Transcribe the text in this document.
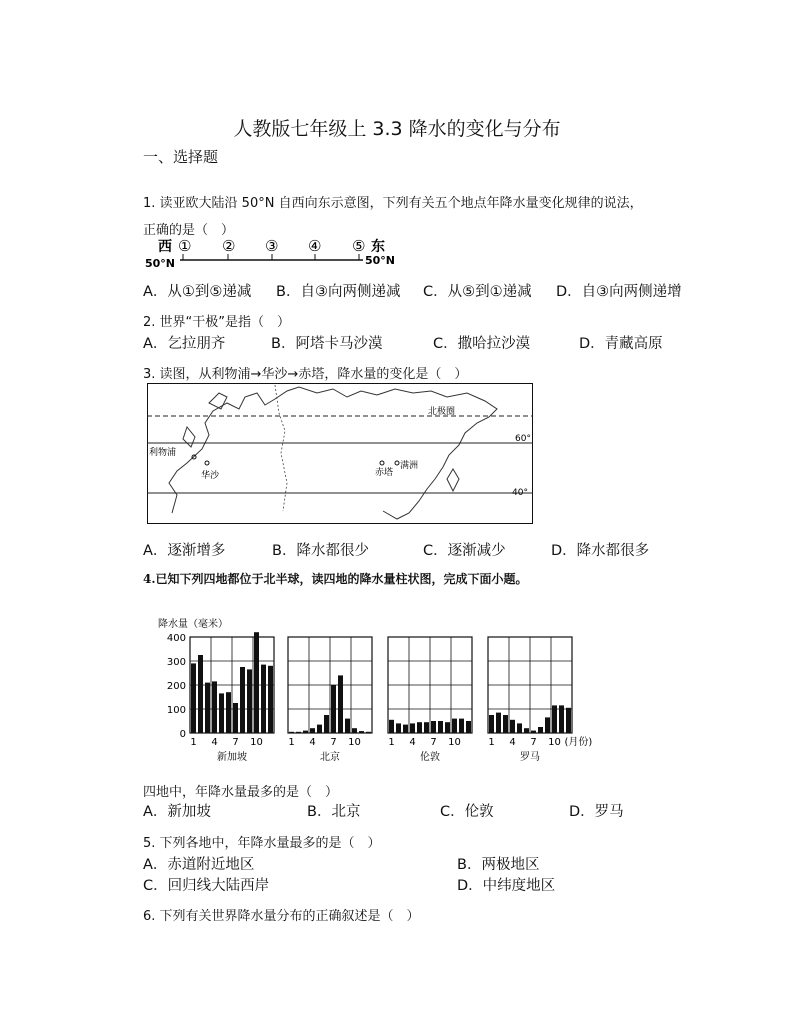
人教版七年级上 3.3 降水的变化与分布
一、选择题
1. 读亚欧大陆沿 50°N 自西向东示意图，下列有关五个地点年降水量变化规律的说法，
正确的是（　）
西	东
① ② ③ ④ ⑤
50°N	50°N
A．从①到⑤递减 B．自③向两侧递减 C．从⑤到①递减 D．自③向两侧递增
2. 世界“干极”是指（　）
A．乞拉朋齐	B．阿塔卡马沙漠	C．撒哈拉沙漠	D．青藏高原
3. 读图，从利物浦→华沙→赤塔，降水量的变化是（　）
北极圈
60°
40°
利物浦
华沙	赤塔
满洲
A．逐渐增多	B．降水都很少	C．逐渐减少	D．降水都很多
4.已知下列四地都位于北半球，读四地的降水量柱状图，完成下面小题。
降水量（毫米）
400
300
200
100
0
1 4 7 10
新加坡
1 4 7 10
北京
1 4 7 10
伦敦
1 4 7 10
罗马
(月份)
四地中，年降水量最多的是（　）
A．新加坡	B．北京	C．伦敦	D．罗马
5. 下列各地中，年降水量最多的是（　）
A．赤道附近地区	B．两极地区
C．回归线大陆西岸	D．中纬度地区
6. 下列有关世界降水量分布的正确叙述是（　）
